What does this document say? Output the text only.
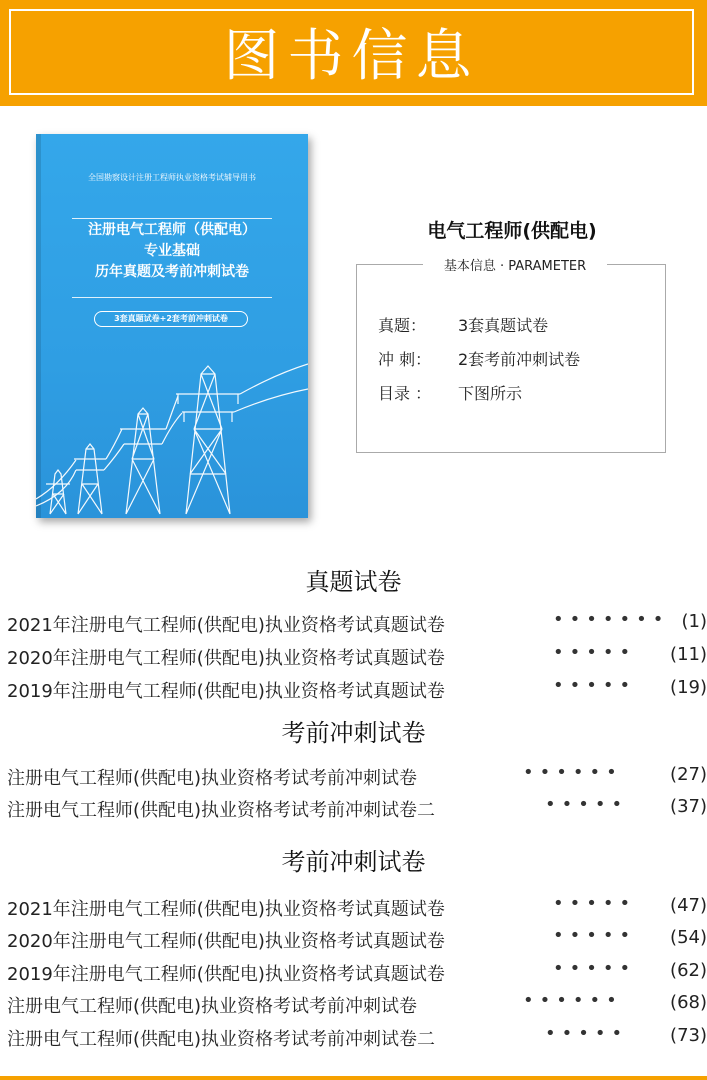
图书信息
全国勘察设计注册工程师执业资格考试辅导用书
注册电气工程师（供配电）
专业基础
历年真题及考前冲刺试卷
3套真题试卷+2套考前冲刺试卷
电气工程师(供配电)
基本信息 · PARAMETER
真题： 3套真题试卷
冲 刺： 2套考前冲刺试卷
目录 ： 下图所示
真题试卷
2021年注册电气工程师(供配电)执业资格考试真题试卷	••••••• (1)
2020年注册电气工程师(供配电)执业资格考试真题试卷	••••• (11)
2019年注册电气工程师(供配电)执业资格考试真题试卷	••••• (19)
考前冲刺试卷
注册电气工程师(供配电)执业资格考试考前冲刺试卷	••••••	(27)
注册电气工程师(供配电)执业资格考试考前冲刺试卷二	••••• (37)
考前冲刺试卷
2021年注册电气工程师(供配电)执业资格考试真题试卷	••••• (47)
2020年注册电气工程师(供配电)执业资格考试真题试卷	••••• (54)
2019年注册电气工程师(供配电)执业资格考试真题试卷	••••• (62)
注册电气工程师(供配电)执业资格考试考前冲刺试卷	••••••	(68)
注册电气工程师(供配电)执业资格考试考前冲刺试卷二	••••• (73)
